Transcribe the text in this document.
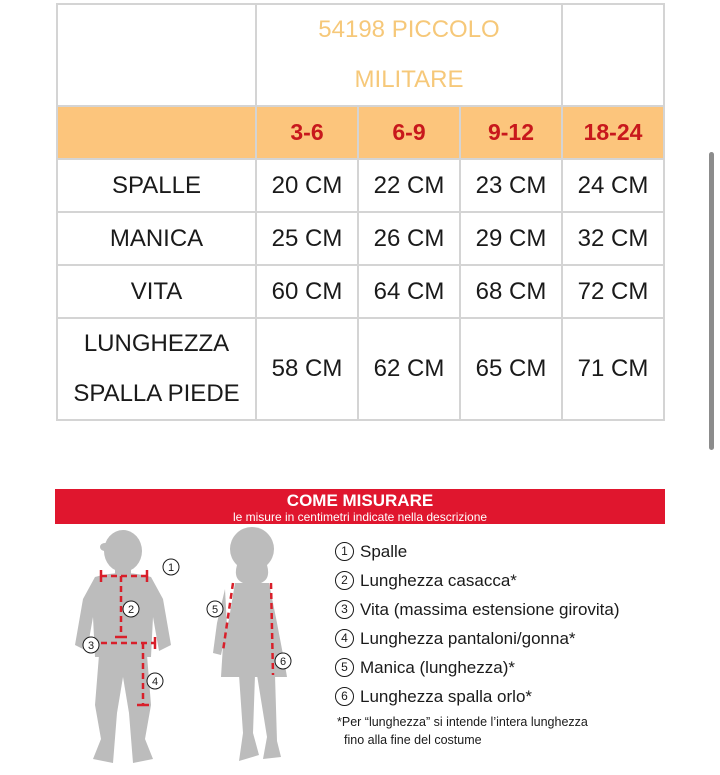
	54198 PICCOLO
MILITARE			

	3-6	6-9	9-12	18-24
SPALLE	20 CM	22 CM	23 CM	24 CM
MANICA	25 CM	26 CM	29 CM	32 CM
VITA	60 CM	64 CM	68 CM	72 CM

LUNGHEZZA
SPALLA PIEDE	58 CM	62 CM	65 CM	71 CM
COME MISURARE
le misure in centimetri indicate nella descrizione
1
2
3
4
5
6
1 Spalle
2 Lunghezza casacca*
3 Vita (massima estensione girovita)
4 Lunghezza pantaloni/gonna*
5 Manica (lunghezza)*
6 Lunghezza spalla orlo*
*Per “lunghezza” si intende l’intera lunghezza
fino alla fine del costume
